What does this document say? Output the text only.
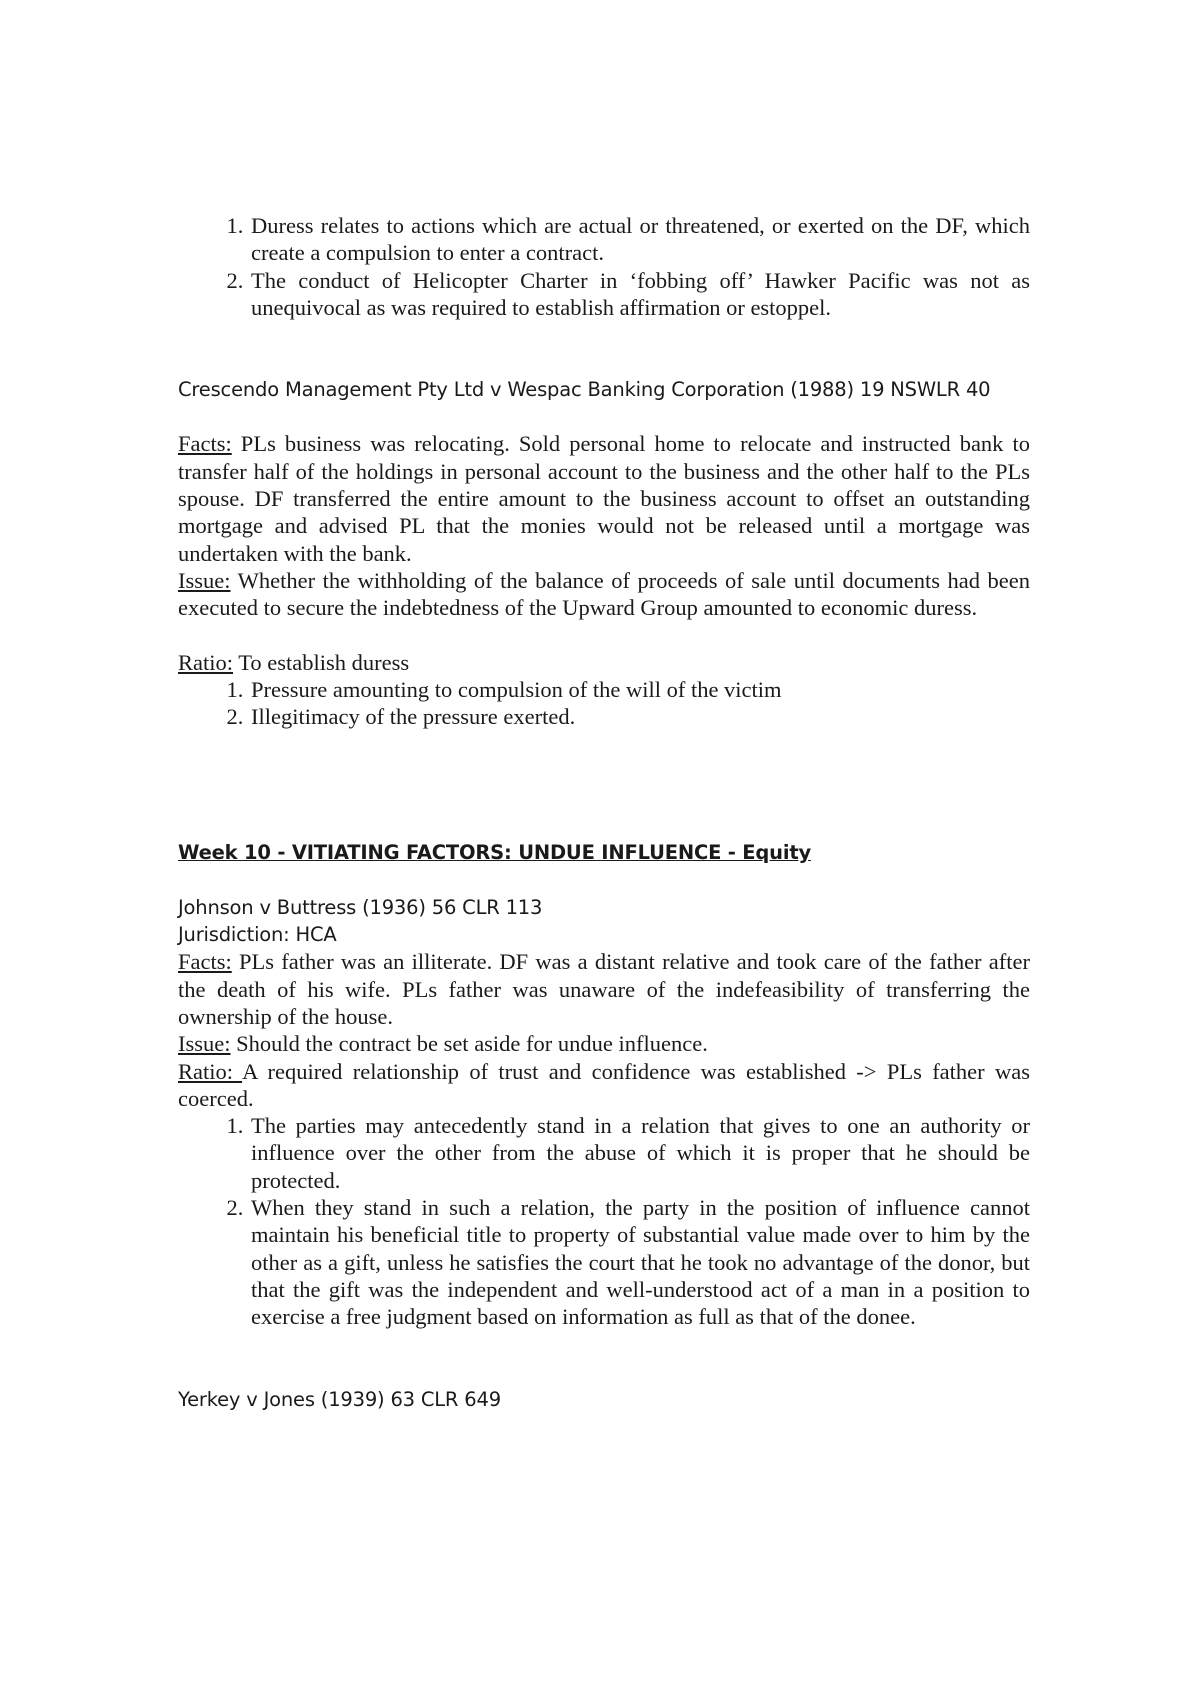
1. Duress relates to actions which are actual or threatened, or exerted on the DF, which create a compulsion to enter a contract.
2. The conduct of Helicopter Charter in ‘fobbing off’ Hawker Pacific was not as unequivocal as was required to establish affirmation or estoppel.

Crescendo Management Pty Ltd v Wespac Banking Corporation (1988) 19 NSWLR 40

Facts: PLs business was relocating. Sold personal home to relocate and instructed bank to transfer half of the holdings in personal account to the business and the other half to the PLs spouse. DF transferred the entire amount to the business account to offset an outstanding mortgage and advised PL that the monies would not be released until a mortgage was undertaken with the bank.

Issue: Whether the withholding of the balance of proceeds of sale until documents had been executed to secure the indebtedness of the Upward Group amounted to economic duress.

Ratio: To establish duress

1. Pressure amounting to compulsion of the will of the victim
2. Illegitimacy of the pressure exerted.

Week 10 - VITIATING FACTORS: UNDUE INFLUENCE - Equity

Johnson v Buttress (1936) 56 CLR 113

Jurisdiction: HCA

Facts: PLs father was an illiterate. DF was a distant relative and took care of the father after the death of his wife. PLs father was unaware of the indefeasibility of transferring the ownership of the house.

Issue: Should the contract be set aside for undue influence.

Ratio: A required relationship of trust and confidence was established -> PLs father was coerced.

1. The parties may antecedently stand in a relation that gives to one an authority or influence over the other from the abuse of which it is proper that he should be protected.
2. When they stand in such a relation, the party in the position of influence cannot maintain his beneficial title to property of substantial value made over to him by the other as a gift, unless he satisfies the court that he took no advantage of the donor, but that the gift was the independent and well-understood act of a man in a position to exercise a free judgment based on information as full as that of the donee.

Yerkey v Jones (1939) 63 CLR 649
